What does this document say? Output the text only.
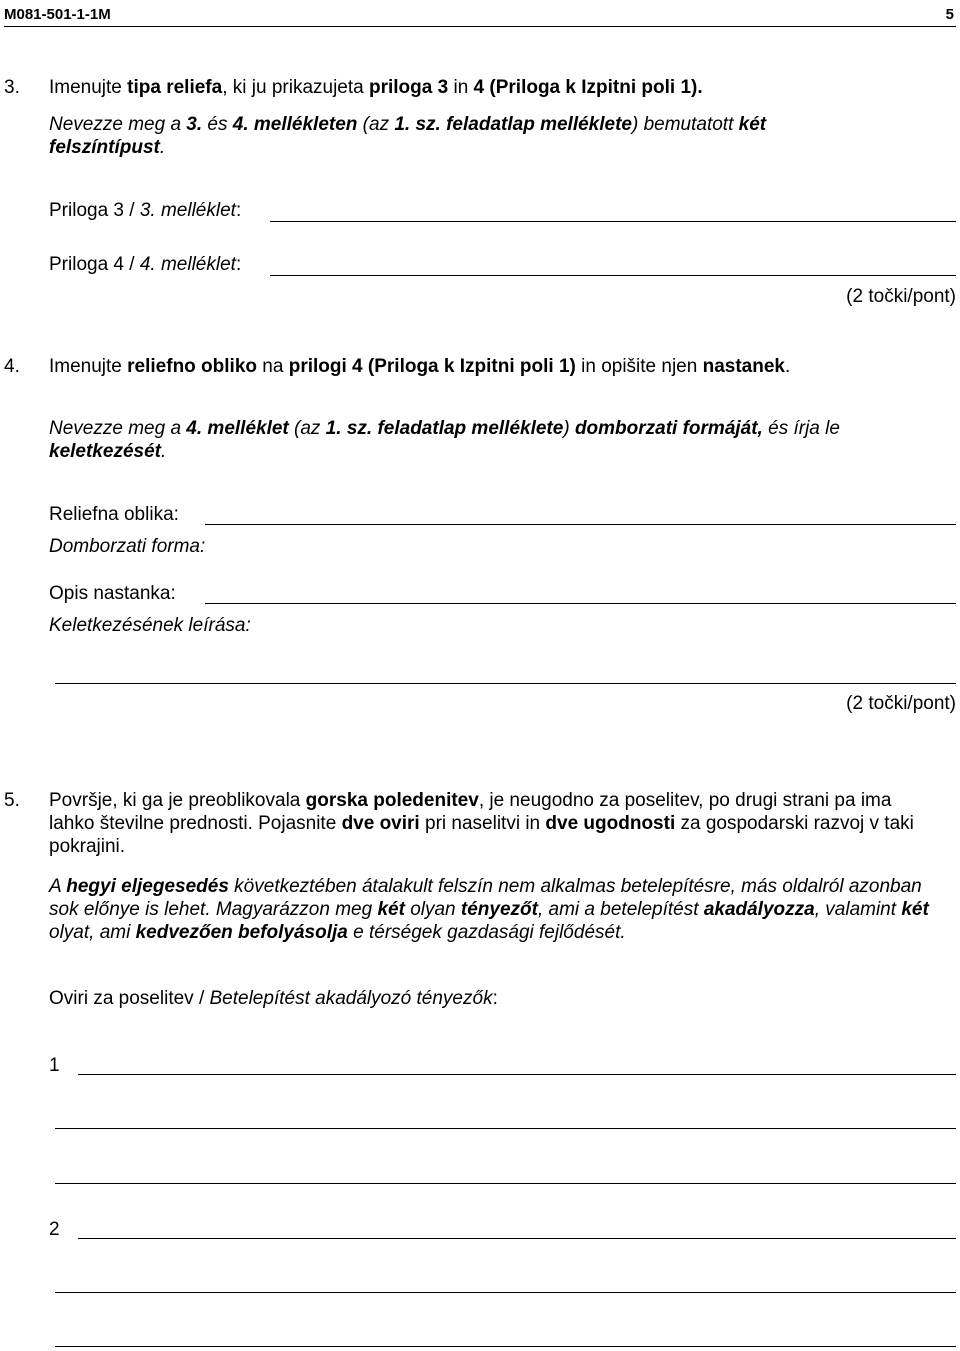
M081-501-1-1M	5
3. Imenujte tipa reliefa, ki ju prikazujeta priloga 3 in 4 (Priloga k Izpitni poli 1).
Nevezze meg a 3. és 4. mellékleten (az 1. sz. feladatlap melléklete) bemutatott két felszíntípust.
Priloga 3 / 3. melléklet:
Priloga 4 / 4. melléklet:
(2 točki/pont)
4. Imenujte reliefno obliko na prilogi 4 (Priloga k Izpitni poli 1) in opišite njen nastanek.
Nevezze meg a 4. melléklet (az 1. sz. feladatlap melléklete) domborzati formáját, és írja le keletkezését.
Reliefna oblika:
Domborzati forma:
Opis nastanka:
Keletkezésének leírása:
(2 točki/pont)
5. Površje, ki ga je preoblikovala gorska poledenitev, je neugodno za poselitev, po drugi strani pa ima lahko številne prednosti. Pojasnite dve oviri pri naselitvi in dve ugodnosti za gospodarski razvoj v taki pokrajini.
A hegyi eljegesedés következtében átalakult felszín nem alkalmas betelepítésre, más oldalról azonban sok előnye is lehet. Magyarázzon meg két olyan tényezőt, ami a betelepítést akadályozza, valamint két olyat, ami kedvezően befolyásolja e térségek gazdasági fejlődését.
Oviri za poselitev / Betelepítést akadályozó tényezők:
1
2
